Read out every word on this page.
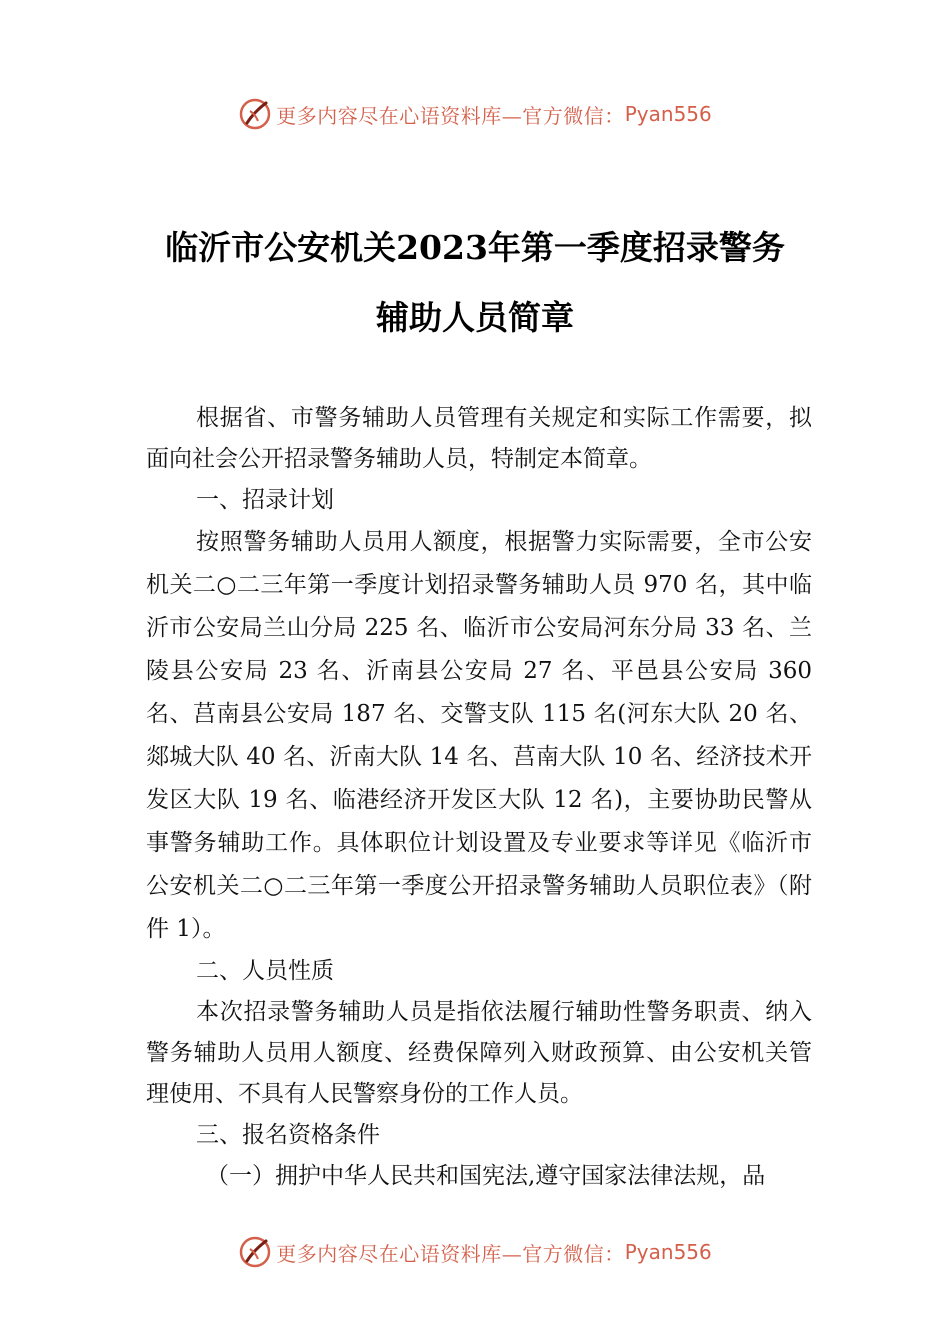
更多内容尽在心语资料库—官方微信： Pyan556
临沂市公安机关2023年第一季度招录警务
辅助人员简章

根据省、市警务辅助人员管理有关规定和实际工作需要，拟面向社会公开招录警务辅助人员，特制定本简章。

一、招录计划

按照警务辅助人员用人额度，根据警力实际需要，全市公安机关二○二三年第一季度计划招录警务辅助人员 970 名，其中临沂市公安局兰山分局 225 名、临沂市公安局河东分局 33 名、兰陵县公安局 23 名、沂南县公安局 27 名、平邑县公安局 360 名、莒南县公安局 187 名、交警支队 115 名(河东大队 20 名、郯城大队 40 名、沂南大队 14 名、莒南大队 10 名、经济技术开发区大队 19 名、临港经济开发区大队 12 名)，主要协助民警从事警务辅助工作。具体职位计划设置及专业要求等详见《临沂市公安机关二○二三年第一季度公开招录警务辅助人员职位表》（附件 1）。

二、人员性质

本次招录警务辅助人员是指依法履行辅助性警务职责、纳入警务辅助人员用人额度、经费保障列入财政预算、由公安机关管理使用、不具有人民警察身份的工作人员。

三、报名资格条件

（一）拥护中华人民共和国宪法,遵守国家法律法规，品

更多内容尽在心语资料库—官方微信： Pyan556
